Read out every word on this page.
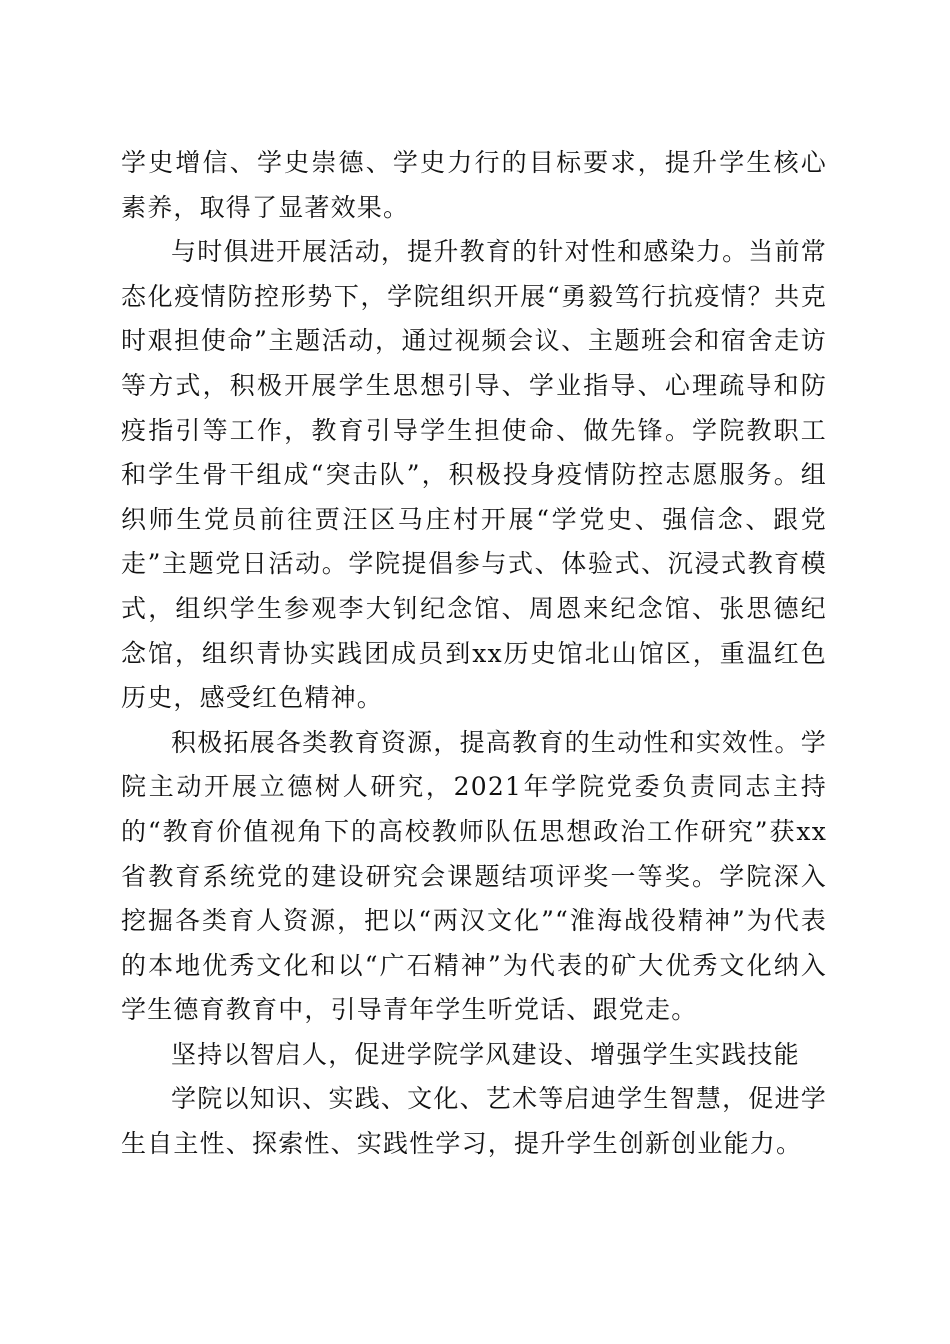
学史增信、学史崇德、学史力行的目标要求，提升学生核心素养，取得了显著效果。

与时俱进开展活动，提升教育的针对性和感染力。当前常态化疫情防控形势下，学院组织开展“勇毅笃行抗疫情？共克时艰担使命”主题活动，通过视频会议、主题班会和宿舍走访等方式，积极开展学生思想引导、学业指导、心理疏导和防疫指引等工作，教育引导学生担使命、做先锋。学院教职工和学生骨干组成“突击队”，积极投身疫情防控志愿服务。组织师生党员前往贾汪区马庄村开展“学党史、强信念、跟党走”主题党日活动。学院提倡参与式、体验式、沉浸式教育模式，组织学生参观李大钊纪念馆、周恩来纪念馆、张思德纪念馆，组织青协实践团成员到xx历史馆北山馆区，重温红色历史，感受红色精神。

积极拓展各类教育资源，提高教育的生动性和实效性。学院主动开展立德树人研究，2021年学院党委负责同志主持的“教育价值视角下的高校教师队伍思想政治工作研究”获xx省教育系统党的建设研究会课题结项评奖一等奖。学院深入挖掘各类育人资源，把以“两汉文化”“淮海战役精神”为代表的本地优秀文化和以“广石精神”为代表的矿大优秀文化纳入学生德育教育中，引导青年学生听党话、跟党走。

坚持以智启人，促进学院学风建设、增强学生实践技能

学院以知识、实践、文化、艺术等启迪学生智慧，促进学生自主性、探索性、实践性学习，提升学生创新创业能力。
